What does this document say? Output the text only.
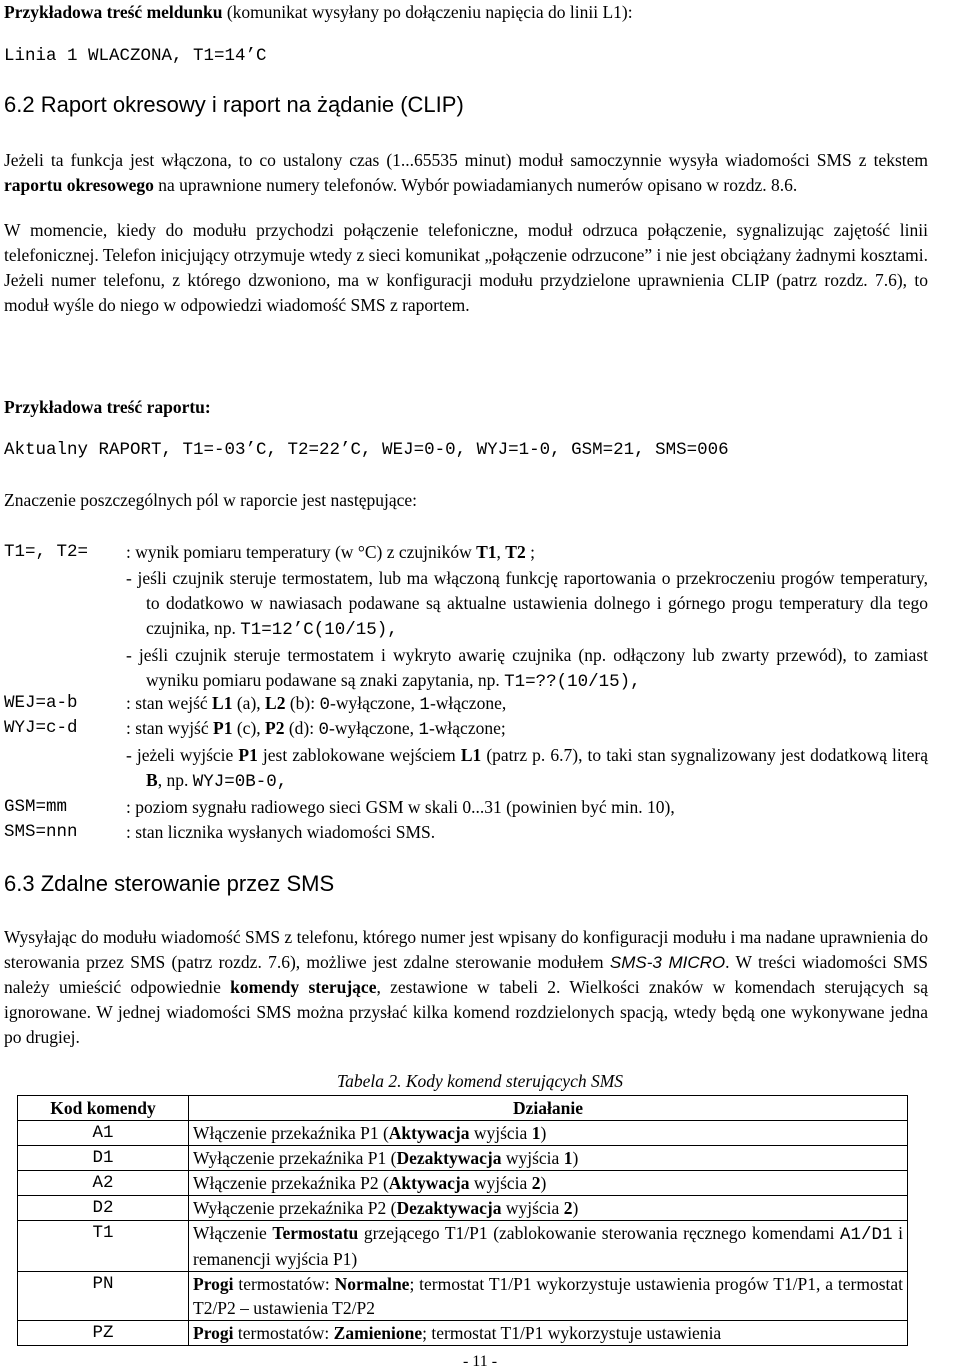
Przykładowa treść meldunku (komunikat wysyłany po dołączeniu napięcia do linii L1):
Linia 1 WLACZONA, T1=14’C
6.2 Raport okresowy i raport na żądanie (CLIP)
Jeżeli ta funkcja jest włączona, to co ustalony czas (1...65535 minut) moduł samoczynnie wysyła wiadomości SMS z tekstem raportu okresowego na uprawnione numery telefonów. Wybór powiadamianych numerów opisano w rozdz. 8.6.
W momencie, kiedy do modułu przychodzi połączenie telefoniczne, moduł odrzuca połączenie, sygnalizując zajętość linii telefonicznej. Telefon inicjujący otrzymuje wtedy z sieci komunikat „połączenie odrzucone” i nie jest obciążany żadnymi kosztami. Jeżeli numer telefonu, z którego dzwoniono, ma w konfiguracji modułu przydzielone uprawnienia CLIP (patrz rozdz. 7.6), to moduł wyśle do niego w odpowiedzi wiadomość SMS z raportem.
Przykładowa treść raportu:
Aktualny RAPORT, T1=-03’C, T2=22’C, WEJ=0-0, WYJ=1-0, GSM=21, SMS=006
Znaczenie poszczególnych pól w raporcie jest następujące:
T1=, T2= : wynik pomiaru temperatury (w °C) z czujników T1, T2 ;
- jeśli czujnik steruje termostatem, lub ma włączoną funkcję raportowania o przekroczeniu progów temperatury, to dodatkowo w nawiasach podawane są aktualne ustawienia dolnego i górnego progu temperatury dla tego czujnika, np. T1=12’C(10/15),
- jeśli czujnik steruje termostatem i wykryto awarię czujnika (np. odłączony lub zwarty przewód), to zamiast wyniku pomiaru podawane są znaki zapytania, np. T1=??(10/15),
WEJ=a-b	: stan wejść L1 (a), L2 (b): 0-wyłączone, 1-włączone,
WYJ=c-d	: stan wyjść P1 (c), P2 (d): 0-wyłączone, 1-włączone;
- jeżeli wyjście P1 jest zablokowane wejściem L1 (patrz p. 6.7), to taki stan sygnalizowany jest dodatkową literą B, np. WYJ=0B-0,
GSM=mm	: poziom sygnału radiowego sieci GSM w skali 0...31 (powinien być min. 10),
SMS=nnn	: stan licznika wysłanych wiadomości SMS.
6.3 Zdalne sterowanie przez SMS
Wysyłając do modułu wiadomość SMS z telefonu, którego numer jest wpisany do konfiguracji modułu i ma nadane uprawnienia do sterowania przez SMS (patrz rozdz. 7.6), możliwe jest zdalne sterowanie modułem SMS-3 MICRO. W treści wiadomości SMS należy umieścić odpowiednie komendy sterujące, zestawione w tabeli 2. Wielkości znaków w komendach sterujących są ignorowane. W jednej wiadomości SMS można przysłać kilka komend rozdzielonych spacją, wtedy będą one wykonywane jedna po drugiej.
Tabela 2. Kody komend sterujących SMS
Kod komendy	Działanie
A1	Włączenie przekaźnika P1 (Aktywacja wyjścia 1)
D1	Wyłączenie przekaźnika P1 (Dezaktywacja wyjścia 1)
A2	Włączenie przekaźnika P2 (Aktywacja wyjścia 2)
D2	Wyłączenie przekaźnika P2 (Dezaktywacja wyjścia 2)
T1	Włączenie Termostatu grzejącego T1/P1 (zablokowanie sterowania ręcznego komendami A1/D1 i remanencji wyjścia P1)
PN	Progi termostatów: Normalne; termostat T1/P1 wykorzystuje ustawienia progów T1/P1, a termostat T2/P2 – ustawienia T2/P2
PZ	Progi termostatów: Zamienione; termostat T1/P1 wykorzystuje ustawienia
- 11 -
